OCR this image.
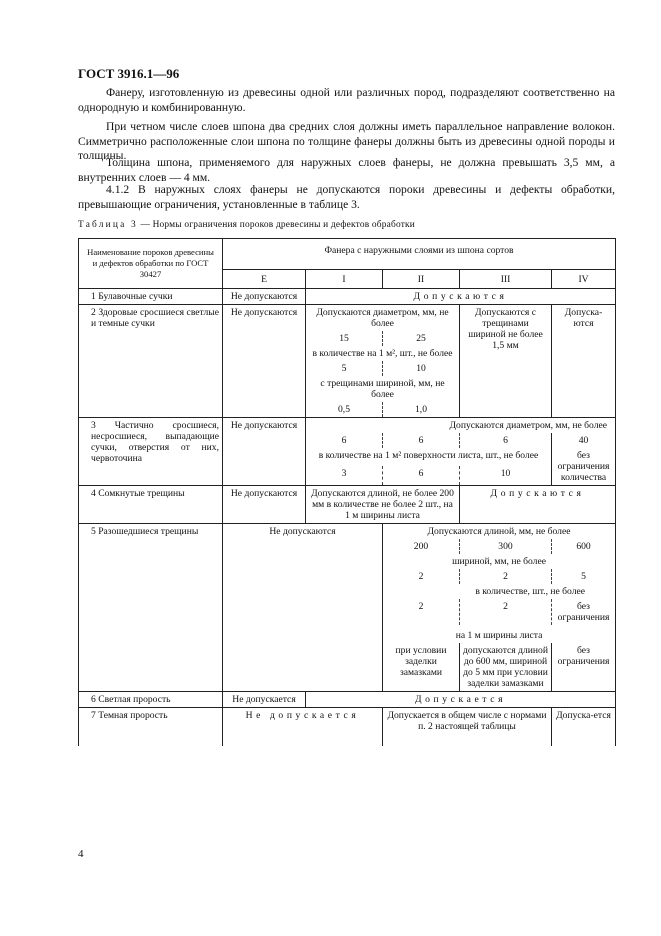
ГОСТ 3916.1—96

Фанеру, изготовленную из древесины одной или различных пород, подразделяют соответственно на однородную и комбинированную.

При четном числе слоев шпона два средних слоя должны иметь параллельное направление волокон. Симметрично расположенные слои шпона по толщине фанеры должны быть из древесины одной породы и толщины.

Толщина шпона, применяемого для наружных слоев фанеры, не должна превышать 3,5 мм, а внутренних слоев — 4 мм.

4.1.2 В наружных слоях фанеры не допускаются пороки древесины и дефекты обработки, превышающие ограничения, установленные в таблице 3.

Таблица 3 — Нормы ограничения пороков древесины и дефектов обработки
Наименование пороков древесины и дефектов обработки по ГОСТ 30427	Фанера с наружными слоями из шпона сортов				
	E	I	II	III	IV
1 Булавочные сучки	Не допускаются	Допускаются			
2 Здоровые сросшиеся светлые и темные сучки	Не допускаются	Допускаются диаметром, мм, не более		Допускаются с трещинами шириной не более 1,5 мм	Допуска-ются
		15	25		
		в количестве на 1 м², шт., не более			
		5	10		
		с трещинами шириной, мм, не более			
		0,5	1,0		
3 Частично сросшиеся, несросшиеся, выпадающие сучки, отверстия от них, червоточина	Не допускаются	Допускаются диаметром, мм, не более			
		6	6	6	40
		в количестве на 1 м² поверхности листа, шт., не более			без ограничения количества
		3	6	10	
4 Сомкнутые трещины	Не допускаются	Допускаются длиной, не более 200 мм в количестве не более 2 шт., на 1 м ширины листа		Допускаются	
5 Разошедшиеся трещины	Не допускаются		Допускаются длиной, мм, не более		
			200	300	600
			шириной, мм, не более		
			2	2	5
			в количестве, шт., не более		
			2	2	без ограничения
			на 1 м ширины листа		
			при условии заделки замазками	допускаются длиной до 600 мм, шириной до 5 мм при условии заделки замазками	без ограничения
6 Светлая прорость	Не допускается	Допускается			
7 Темная прорость	Не допускается		Допускается в общем числе с нормами п. 2 настоящей таблицы		Допуска-ется
4
